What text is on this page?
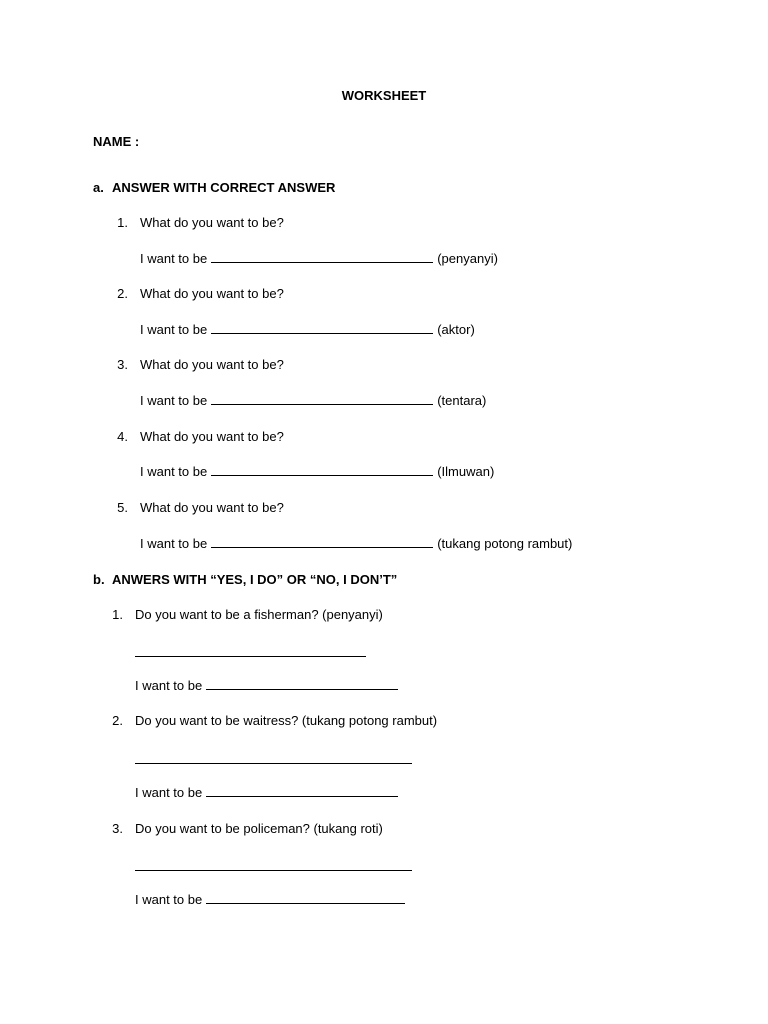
WORKSHEET
NAME :
a. ANSWER WITH CORRECT ANSWER
1. What do you want to be?
I want to be	(penyanyi)
2. What do you want to be?
I want to be	(aktor)
3. What do you want to be?
I want to be	(tentara)
4. What do you want to be?
I want to be	(Ilmuwan)
5. What do you want to be?
I want to be	(tukang potong rambut)
b. ANWERS WITH “YES, I DO” OR “NO, I DON’T”
1. Do you want to be a fisherman? (penyanyi)
I want to be
2. Do you want to be waitress? (tukang potong rambut)
I want to be
3. Do you want to be policeman? (tukang roti)
I want to be
